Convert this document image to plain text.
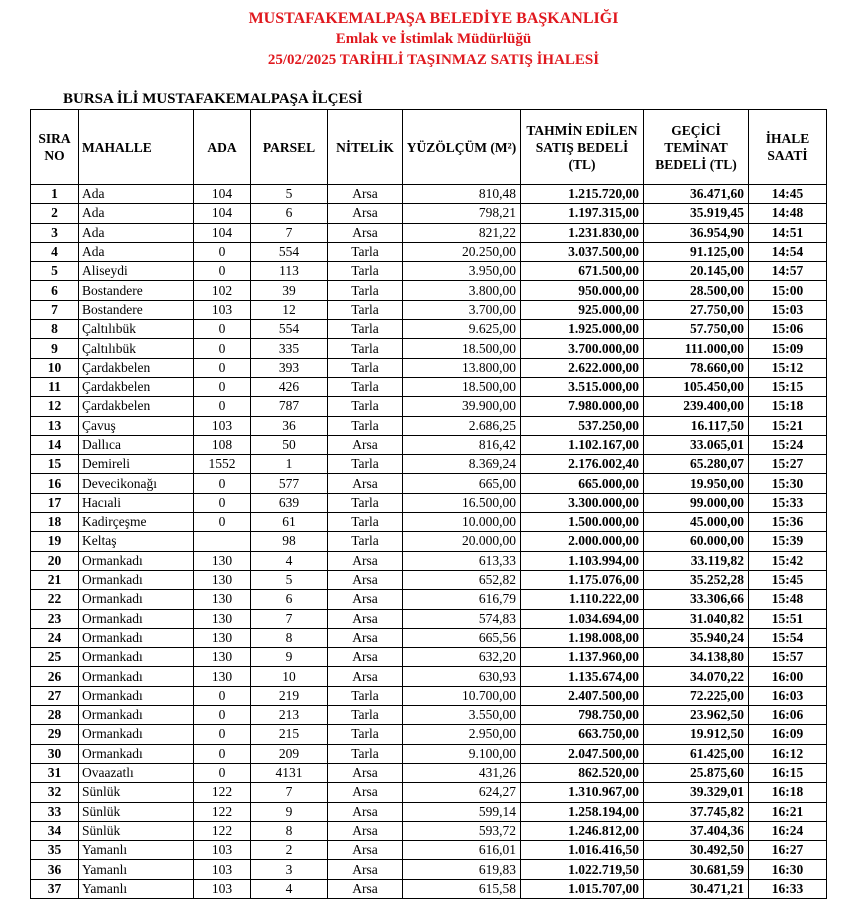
MUSTAFAKEMALPAŞA BELEDİYE BAŞKANLIĞI
Emlak ve İstimlak Müdürlüğü
25/02/2025 TARİHLİ TAŞINMAZ SATIŞ İHALESİ
BURSA İLİ MUSTAFAKEMALPAŞA İLÇESİ
SIRA NO	MAHALLE	ADA	PARSEL	NİTELİK	YÜZÖLÇÜM (M²)	TAHMİN EDİLEN SATIŞ BEDELİ (TL)	GEÇİCİ TEMİNAT BEDELİ (TL)	İHALE SAATİ
1	Ada	104	5	Arsa	810,48	1.215.720,00	36.471,60	14:45
2	Ada	104	6	Arsa	798,21	1.197.315,00	35.919,45	14:48
3	Ada	104	7	Arsa	821,22	1.231.830,00	36.954,90	14:51
4	Ada	0	554	Tarla	20.250,00	3.037.500,00	91.125,00	14:54
5	Aliseydi	0	113	Tarla	3.950,00	671.500,00	20.145,00	14:57
6	Bostandere	102	39	Tarla	3.800,00	950.000,00	28.500,00	15:00
7	Bostandere	103	12	Tarla	3.700,00	925.000,00	27.750,00	15:03
8	Çaltılıbük	0	554	Tarla	9.625,00	1.925.000,00	57.750,00	15:06
9	Çaltılıbük	0	335	Tarla	18.500,00	3.700.000,00	111.000,00	15:09
10	Çardakbelen	0	393	Tarla	13.800,00	2.622.000,00	78.660,00	15:12
11	Çardakbelen	0	426	Tarla	18.500,00	3.515.000,00	105.450,00	15:15
12	Çardakbelen	0	787	Tarla	39.900,00	7.980.000,00	239.400,00	15:18
13	Çavuş	103	36	Tarla	2.686,25	537.250,00	16.117,50	15:21
14	Dallıca	108	50	Arsa	816,42	1.102.167,00	33.065,01	15:24
15	Demireli	1552	1	Tarla	8.369,24	2.176.002,40	65.280,07	15:27
16	Devecikonağı	0	577	Arsa	665,00	665.000,00	19.950,00	15:30
17	Hacıali	0	639	Tarla	16.500,00	3.300.000,00	99.000,00	15:33
18	Kadirçeşme	0	61	Tarla	10.000,00	1.500.000,00	45.000,00	15:36
19	Keltaş		98	Tarla	20.000,00	2.000.000,00	60.000,00	15:39
20	Ormankadı	130	4	Arsa	613,33	1.103.994,00	33.119,82	15:42
21	Ormankadı	130	5	Arsa	652,82	1.175.076,00	35.252,28	15:45
22	Ormankadı	130	6	Arsa	616,79	1.110.222,00	33.306,66	15:48
23	Ormankadı	130	7	Arsa	574,83	1.034.694,00	31.040,82	15:51
24	Ormankadı	130	8	Arsa	665,56	1.198.008,00	35.940,24	15:54
25	Ormankadı	130	9	Arsa	632,20	1.137.960,00	34.138,80	15:57
26	Ormankadı	130	10	Arsa	630,93	1.135.674,00	34.070,22	16:00
27	Ormankadı	0	219	Tarla	10.700,00	2.407.500,00	72.225,00	16:03
28	Ormankadı	0	213	Tarla	3.550,00	798.750,00	23.962,50	16:06
29	Ormankadı	0	215	Tarla	2.950,00	663.750,00	19.912,50	16:09
30	Ormankadı	0	209	Tarla	9.100,00	2.047.500,00	61.425,00	16:12
31	Ovaazatlı	0	4131	Arsa	431,26	862.520,00	25.875,60	16:15
32	Sünlük	122	7	Arsa	624,27	1.310.967,00	39.329,01	16:18
33	Sünlük	122	9	Arsa	599,14	1.258.194,00	37.745,82	16:21
34	Sünlük	122	8	Arsa	593,72	1.246.812,00	37.404,36	16:24
35	Yamanlı	103	2	Arsa	616,01	1.016.416,50	30.492,50	16:27
36	Yamanlı	103	3	Arsa	619,83	1.022.719,50	30.681,59	16:30
37	Yamanlı	103	4	Arsa	615,58	1.015.707,00	30.471,21	16:33
